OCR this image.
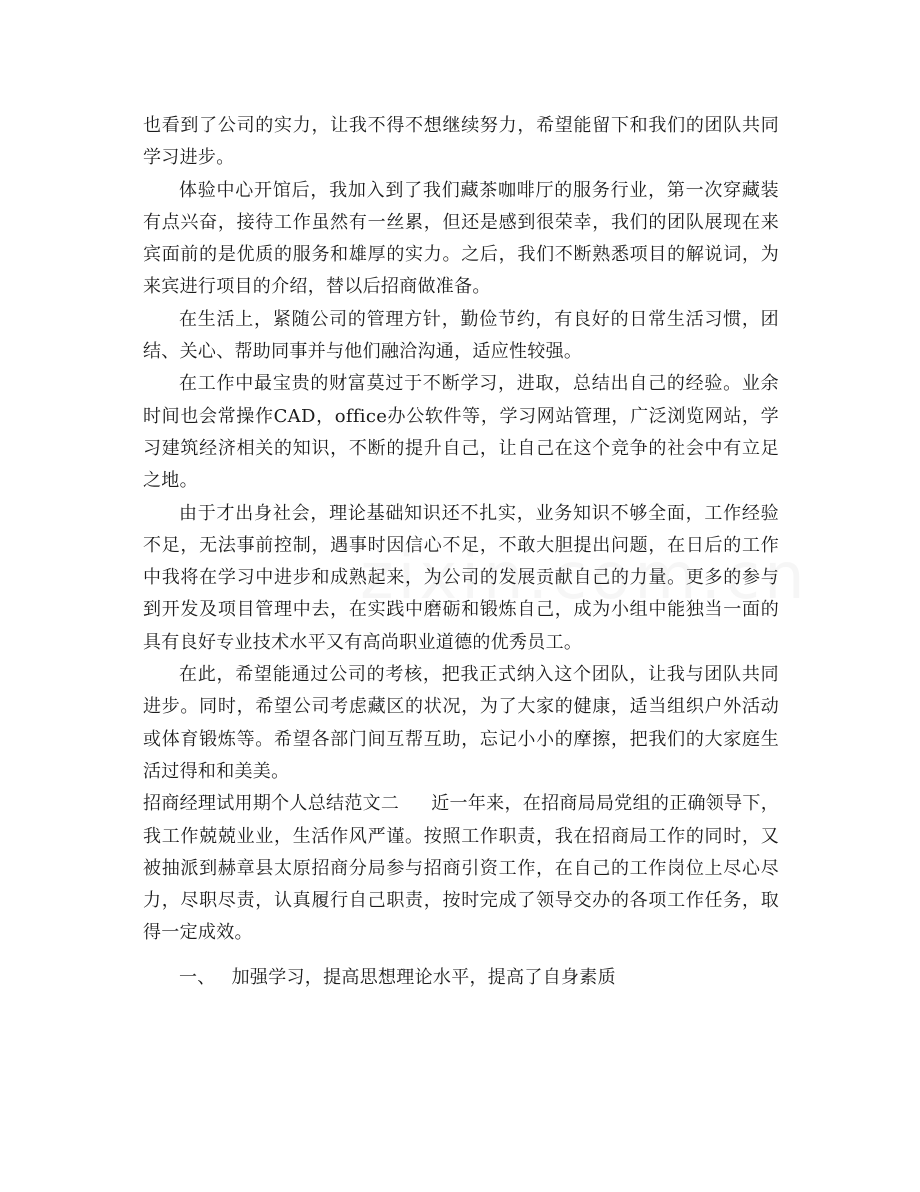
也看到了公司的实力，让我不得不想继续努力，希望能留下和我们的团队共同学习进步。

体验中心开馆后，我加入到了我们藏茶咖啡厅的服务行业，第一次穿藏装有点兴奋，接待工作虽然有一丝累，但还是感到很荣幸，我们的团队展现在来宾面前的是优质的服务和雄厚的实力。之后，我们不断熟悉项目的解说词，为来宾进行项目的介绍，替以后招商做准备。

在生活上，紧随公司的管理方针，勤俭节约，有良好的日常生活习惯，团结、关心、帮助同事并与他们融洽沟通，适应性较强。

在工作中最宝贵的财富莫过于不断学习，进取，总结出自己的经验。业余时间也会常操作CAD，office办公软件等，学习网站管理，广泛浏览网站，学习建筑经济相关的知识，不断的提升自己，让自己在这个竞争的社会中有立足之地。

由于才出身社会，理论基础知识还不扎实，业务知识不够全面，工作经验不足，无法事前控制，遇事时因信心不足，不敢大胆提出问题，在日后的工作中我将在学习中进步和成熟起来，为公司的发展贡献自己的力量。更多的参与到开发及项目管理中去，在实践中磨砺和锻炼自己，成为小组中能独当一面的具有良好专业技术水平又有高尚职业道德的优秀员工。

在此，希望能通过公司的考核，把我正式纳入这个团队，让我与团队共同进步。同时，希望公司考虑藏区的状况，为了大家的健康，适当组织户外活动或体育锻炼等。希望各部门间互帮互助，忘记小小的摩擦，把我们的大家庭生活过得和和美美。

招商经理试用期个人总结范文二 近一年来，在招商局局党组的正确领导下，我工作兢兢业业，生活作风严谨。按照工作职责，我在招商局工作的同时，又被抽派到赫章县太原招商分局参与招商引资工作，在自己的工作岗位上尽心尽力，尽职尽责，认真履行自己职责，按时完成了领导交办的各项工作任务，取得一定成效。

一、 加强学习，提高思想理论水平，提高了自身素质
